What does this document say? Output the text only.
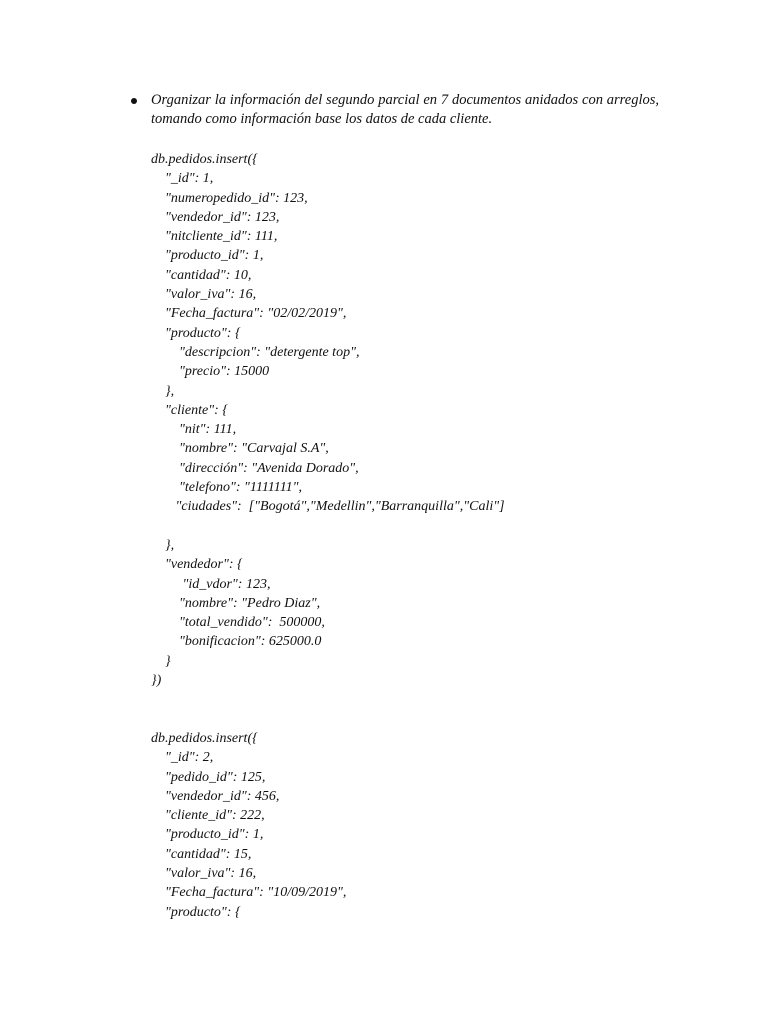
Organizar la información del segundo parcial en 7 documentos anidados con arreglos, tomando como información base los datos de cada cliente.

db.pedidos.insert({
"_id": 1,
"numeropedido_id": 123,
"vendedor_id": 123,
"nitcliente_id": 111,
"producto_id": 1,
"cantidad": 10,
"valor_iva": 16,
"Fecha_factura": "02/02/2019",
"producto": {
"descripcion": "detergente top",
"precio": 15000
},
"cliente": {
"nit": 111,
"nombre": "Carvajal S.A",
"dirección": "Avenida Dorado",
"telefono": "1111111",
"ciudades":  ["Bogotá","Medellin","Barranquilla","Cali"]
},
"vendedor": {
"id_vdor": 123,
"nombre": "Pedro Diaz",
"total_vendido":  500000,
"bonificacion": 625000.0
}
})
db.pedidos.insert({
"_id": 2,
"pedido_id": 125,
"vendedor_id": 456,
"cliente_id": 222,
"producto_id": 1,
"cantidad": 15,
"valor_iva": 16,
"Fecha_factura": "10/09/2019",
"producto": {
